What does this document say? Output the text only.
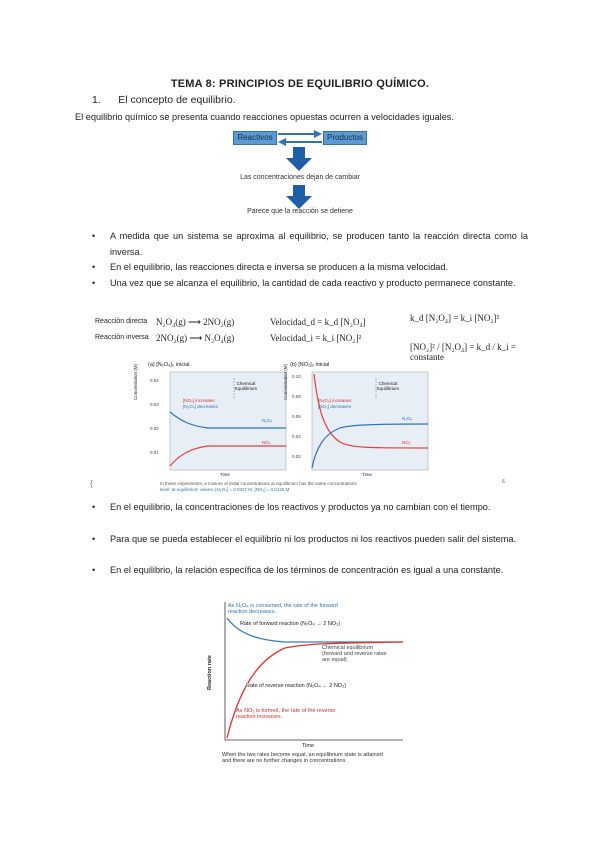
TEMA 8: PRINCIPIOS DE EQUILIBRIO QUÍMICO.
1. El concepto de equilibrio.
El equilibrio químico se presenta cuando reacciones opuestas ocurren a velocidades iguales.
Reactivos	Productos
Las concentraciones dejan de cambiar
Parece que la reacción se detiene
• A medida que un sistema se aproxima al equilibrio, se producen tanto la reacción directa como la inversa.
• En el equilibrio, las reacciones directa e inversa se producen a la misma velocidad.
• Una vez que se alcanza el equilibrio, la cantidad de cada reactivo y producto permanece constante.
Reacción directa
Reacción inversa
N₂O₄(g) ⟶ 2NO₂(g)
2NO₂(g) ⟶ N₂O₄(g)
Velocidad_d = k_d [N₂O₄]
Velocidad_i = k_i [NO₂]²
k_d [N₂O₄] = k_i [NO₂]²
[NO₂]² / [N₂O₄] = k_d / k_i = constante
(a) [N₂O₄]₀ inicial
0.04
0.03
0.02
0.01
Chemical Equilibrium
[NO₂] increases
[N₂O₄] decreases
N₂O₄
NO₂
Concentration (M)
Time
(b) [NO₂]₀ inicial
0.10
0.08
0.06
0.04
0.02
Chemical Equilibrium
[N₂O₄] increases
[NO₂] decreases
N₂O₄
NO₂
Concentration (M)
Time
In these experiments, a mixture of initial concentrations at equilibrium has the same concentrations
level: at equilibrium values: [N₂O₄] = 0.0337 M, [NO₂] = 0.0125 M
{	6
• En el equilibrio, la concentraciones de los reactivos y productos ya no cambian con el tiempo.
• Para que se pueda establecer el equilibrio ni los productos ni los reactivos pueden salir del sistema.
• En el equilibrio, la relación específica de los términos de concentración es igual a una constante.
As N₂O₄ is consumed, the rate of the forward reaction decreases.
Rate of forward reaction (N₂O₄ → 2 NO₂)
Chemical equilibrium (forward and reverse rates are equal)
Rate of reverse reaction (N₂O₄ ← 2 NO₂)
As NO₂ is formed, the rate of the reverse reaction increases.
Reaction rate
Time
When the two rates become equal, an equilibrium state is attained and there are no further changes in concentrations.
